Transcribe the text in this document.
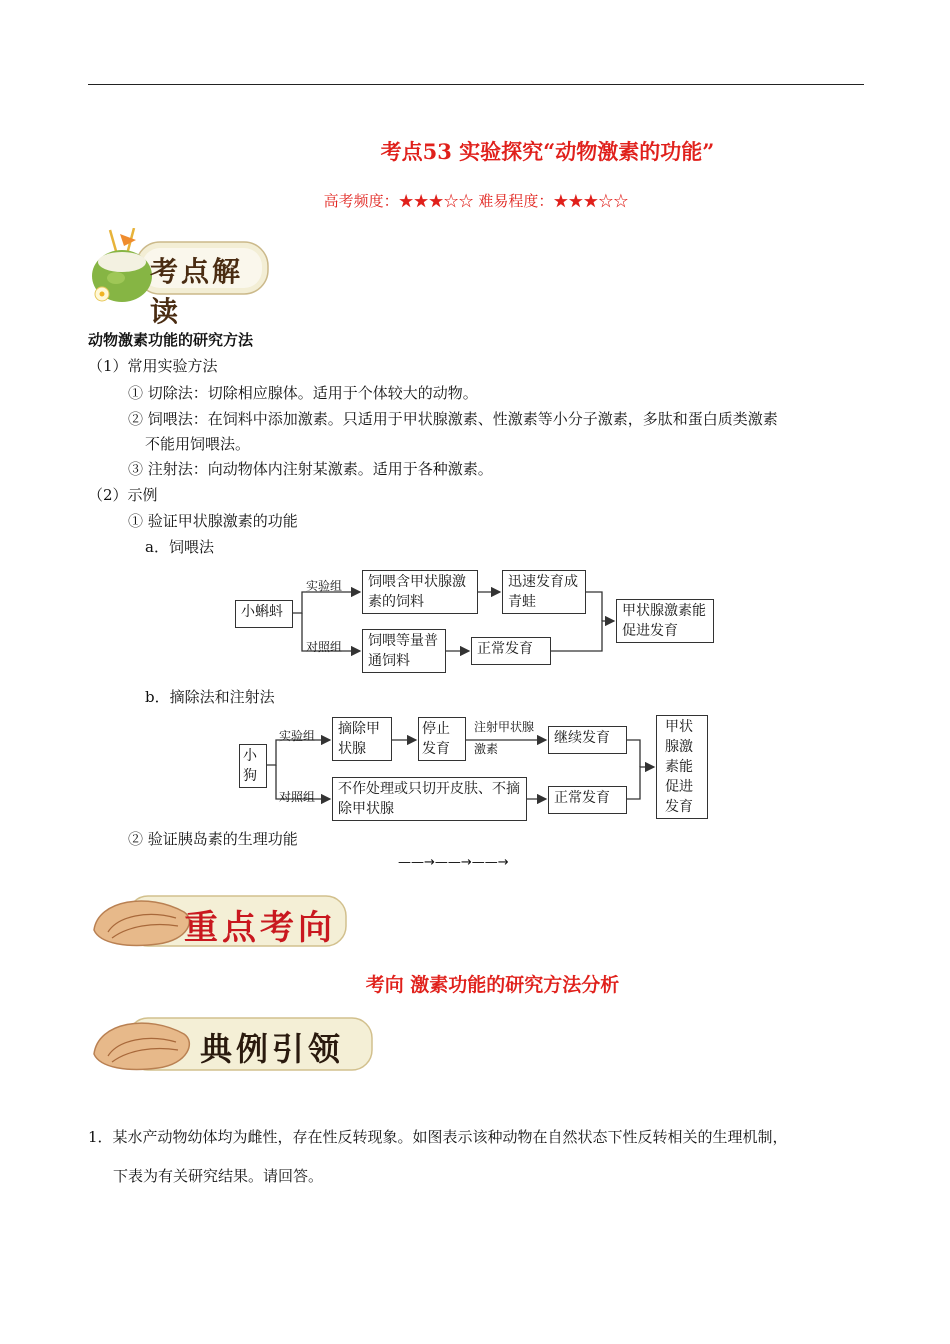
考点53 实验探究“动物激素的功能”
高考频度：★★★☆☆ 难易程度：★★★☆☆
考点解读
动物激素功能的研究方法
（1）常用实验方法
① 切除法：切除相应腺体。适用于个体较大的动物。
② 饲喂法：在饲料中添加激素。只适用于甲状腺激素、性激素等小分子激素，多肽和蛋白质类激素
不能用饲喂法。
③ 注射法：向动物体内注射某激素。适用于各种激素。
（2）示例
① 验证甲状腺激素的功能
a．饲喂法
小蝌蚪
实验组
对照组
饲喂含甲状腺激素的饲料
迅速发育成青蛙
饲喂等量普通饲料
正常发育
甲状腺激素能促进发育
b．摘除法和注射法
小狗
实验组
对照组
摘除甲状腺
停止发育
注射甲状腺激素
继续发育
不作处理或只切开皮肤、不摘除甲状腺
正常发育
甲状腺激素能促进发育
② 验证胰岛素的生理功能
——→——→——→
重点考向
考向 激素功能的研究方法分析
典例引领
1．某水产动物幼体均为雌性，存在性反转现象。如图表示该种动物在自然状态下性反转相关的生理机制，
下表为有关研究结果。请回答。
